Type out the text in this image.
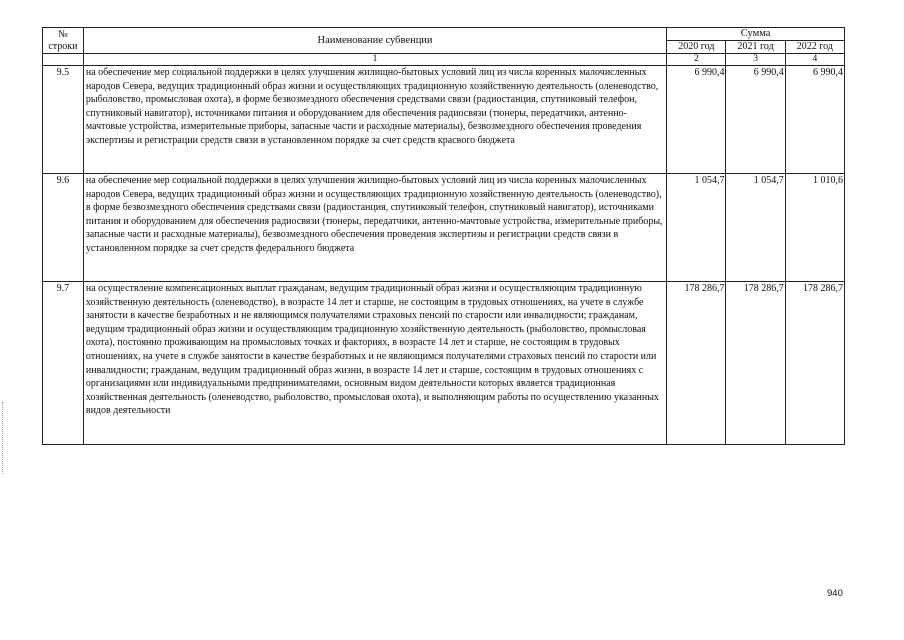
№
строки	Наименование субвенции	Сумма		
		2020 год	2021 год	2022 год
	1	2	3	4
9.5	на обеспечение мер социальной поддержки в целях улучшения жилищно-бытовых условий лиц из числа коренных малочисленных народов Севера, ведущих традиционный образ жизни и осуществляющих традиционную хозяйственную деятельность (оленеводство, рыболовство, промысловая охота), в форме безвозмездного обеспечения средствами связи (радиостанция, спутниковый телефон, спутниковый навигатор), источниками питания и оборудованием для обеспечения радиосвязи (тюнеры, передатчики, антенно-мачтовые устройства, измерительные приборы, запасные части и расходные материалы), безвозмездного обеспечения проведения экспертизы и регистрации средств связи в установленном порядке за счет средств красвого бюджета	6 990,4	6 990,4	6 990,4
9.6	на обеспечение мер социальной поддержки в целях улучшения жилищно-бытовых условий лиц из числа коренных малочисленных народов Севера, ведущих традиционный образ жизни и осуществляющих традиционную хозяйственную деятельность (оленеводство), в форме безвозмездного обеспечения средствами связи (радиостанция, спутниковый телефон, спутниковый навигатор), источниками питания и оборудованием для обеспечения радиосвязи (тюнеры, передатчики, антенно-мачтовые устройства, измерительные приборы, запасные части и расходные материалы), безвозмездного обеспечения проведения экспертизы и регистрации средств связи в установленном порядке за счет средств федерального бюджета	1 054,7	1 054,7	1 010,6
9.7	на осуществление компенсационных выплат гражданам, ведущим традиционный образ жизни и осуществляющим традиционную хозяйственную деятельность (оленеводство), в возрасте 14 лет и старше, не состоящим в трудовых отношениях, на учете в службе занятости в качестве безработных и не являющимся получателями страховых пенсий по старости или инвалидности; гражданам, ведущим традиционный образ жизни и осуществляющим традиционную хозяйственную деятельность (рыболовство, промысловая охота), постоянно проживающим на промысловых точках и факториях, в возрасте 14 лет и старше, не состоящим в трудовых отношениях, на учете в службе занятости в качестве безработных и не являющимся получателями страховых пенсий по старости или инвалидности; гражданам, ведущим традиционный образ жизни, в возрасте 14 лет и старше, состоящим в трудовых отношениях с организациями или индивидуальными предпринимателями, основным видом деятельности которых является традиционная хозяйственная деятельность (оленеводство, рыболовство, промысловая охота), и выполняющим работы по осуществлению указанных видов деятельности	178 286,7	178 286,7	178 286,7
940
